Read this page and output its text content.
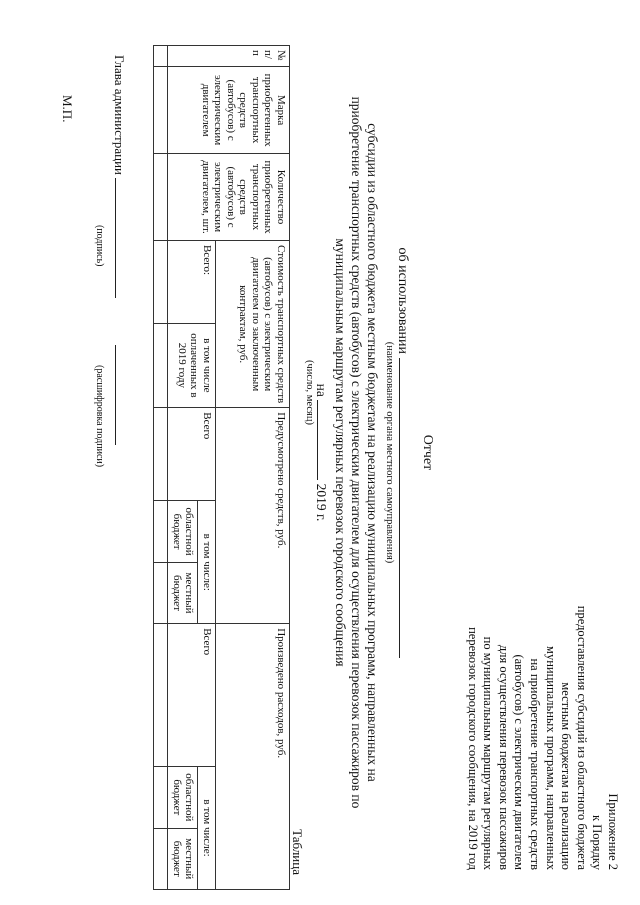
Приложение 2
к Порядку
предоставления субсидий из областного бюджета
местным бюджетам на реализацию
муниципальных программ, направленных
на приобретение транспортных средств
(автобусов) с электрическим двигателем
для осуществления перевозок пассажиров
по муниципальным маршрутам регулярных
перевозок городского сообщения, на 2019 год
Отчет
об использовании
(наименование органа местного самоуправления)
субсидии из областного бюджета местным бюджетам на реализацию муниципальных программ, направленных на
приобретение транспортных средств (автобусов) с электрическим двигателем для осуществления перевозок пассажиров по
муниципальным маршрутам регулярных перевозок городского сообщения
на  2019 г.
(число, месяц)
Таблица
№ п/п	Марка приобретенных транспортных средств (автобусов) с электрическим двигателем	Количество приобретенных транспортных средств (автобусов) с электрическим двигателем, шт.	Стоимость транспортных средств (автобусов) с электрическим двигателем по заключенным контрактам, руб.		Предусмотрено средств, руб.			Произведено расходов, руб.		
			Всего:	в том числе оплаченных в 2019 году	Всего	в том числе:		Всего	в том числе:	
						областной бюджет	местный бюджет		областной бюджет	местный бюджет

Глава администрации
(подпись)
(расшифровка подписи)
М.П.
